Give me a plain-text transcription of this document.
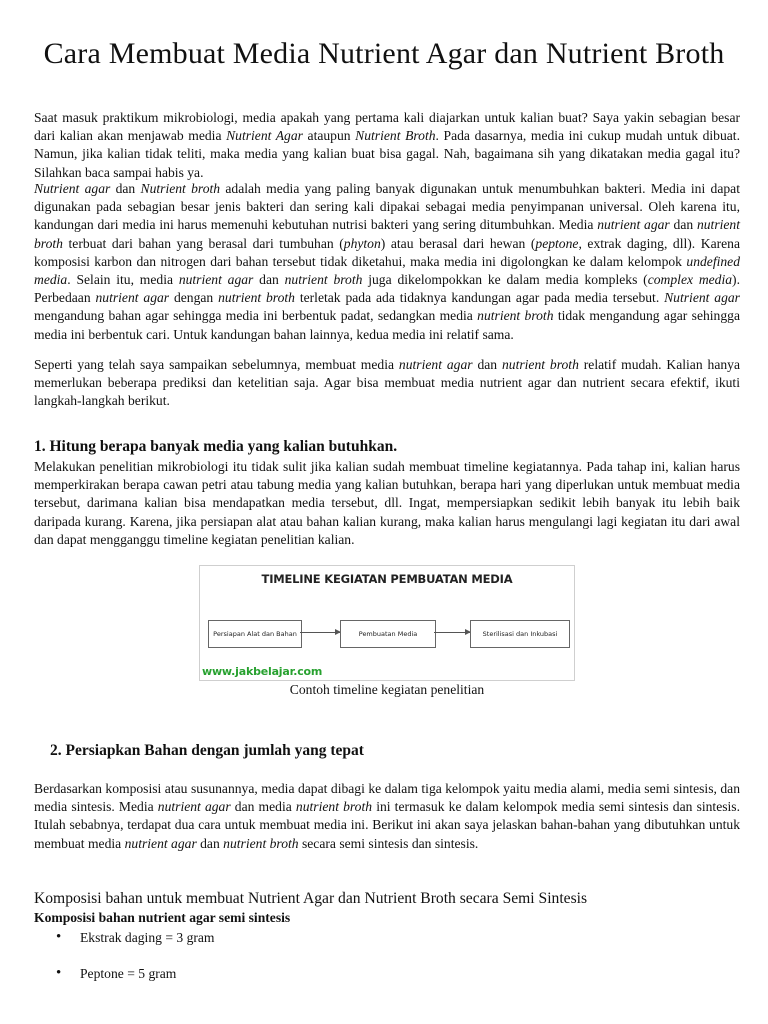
Cara Membuat Media Nutrient Agar dan Nutrient Broth

Saat masuk praktikum mikrobiologi, media apakah yang pertama kali diajarkan untuk kalian buat? Saya yakin sebagian besar dari kalian akan menjawab media Nutrient Agar ataupun Nutrient Broth. Pada dasarnya, media ini cukup mudah untuk dibuat. Namun, jika kalian tidak teliti, maka media yang kalian buat bisa gagal. Nah, bagaimana sih yang dikatakan media gagal itu? Silahkan baca sampai habis ya.

Nutrient agar dan Nutrient broth adalah media yang paling banyak digunakan untuk menumbuhkan bakteri. Media ini dapat digunakan pada sebagian besar jenis bakteri dan sering kali dipakai sebagai media penyimpanan universal. Oleh karena itu, kandungan dari media ini harus memenuhi kebutuhan nutrisi bakteri yang sering ditumbuhkan. Media nutrient agar dan nutrient broth terbuat dari bahan yang berasal dari tumbuhan (phyton) atau berasal dari hewan (peptone, extrak daging, dll). Karena komposisi karbon dan nitrogen dari bahan tersebut tidak diketahui, maka media ini digolongkan ke dalam kelompok undefined media. Selain itu, media nutrient agar dan nutrient broth juga dikelompokkan ke dalam media kompleks (complex media). Perbedaan nutrient agar dengan nutrient broth terletak pada ada tidaknya kandungan agar pada media tersebut. Nutrient agar mengandung bahan agar sehingga media ini berbentuk padat, sedangkan media nutrient broth tidak mengandung agar sehingga media ini berbentuk cari. Untuk kandungan bahan lainnya, kedua media ini relatif sama.

Seperti yang telah saya sampaikan sebelumnya, membuat media nutrient agar dan nutrient broth relatif mudah. Kalian hanya memerlukan beberapa prediksi dan ketelitian saja. Agar bisa membuat media nutrient agar dan nutrient secara efektif, ikuti langkah-langkah berikut.

1. Hitung berapa banyak media yang kalian butuhkan.

Melakukan penelitian mikrobiologi itu tidak sulit jika kalian sudah membuat timeline kegiatannya. Pada tahap ini, kalian harus memperkirakan berapa cawan petri atau tabung media yang kalian butuhkan, berapa hari yang diperlukan untuk membuat media tersebut, darimana kalian bisa mendapatkan media tersebut, dll. Ingat, mempersiapkan sedikit lebih banyak itu lebih baik daripada kurang. Karena, jika persiapan alat atau bahan kalian kurang, maka kalian harus mengulangi lagi kegiatan itu dari awal dan dapat mengganggu timeline kegiatan penelitian kalian.

TIMELINE KEGIATAN PEMBUATAN MEDIA
Persiapan Alat dan Bahan	Pembuatan Media	Sterilisasi dan Inkubasi
www.jakbelajar.com
Contoh timeline kegiatan penelitian
2. Persiapkan Bahan dengan jumlah yang tepat

Berdasarkan komposisi atau susunannya, media dapat dibagi ke dalam tiga kelompok yaitu media alami, media semi sintesis, dan media sintesis. Media nutrient agar dan media nutrient broth ini termasuk ke dalam kelompok media semi sintesis dan sintesis. Itulah sebabnya, terdapat dua cara untuk membuat media ini. Berikut ini akan saya jelaskan bahan-bahan yang dibutuhkan untuk membuat media nutrient agar dan nutrient broth secara semi sintesis dan sintesis.

Komposisi bahan untuk membuat Nutrient Agar dan Nutrient Broth secara Semi Sintesis
Komposisi bahan nutrient agar semi sintesis
• Ekstrak daging = 3 gram
• Peptone = 5 gram
